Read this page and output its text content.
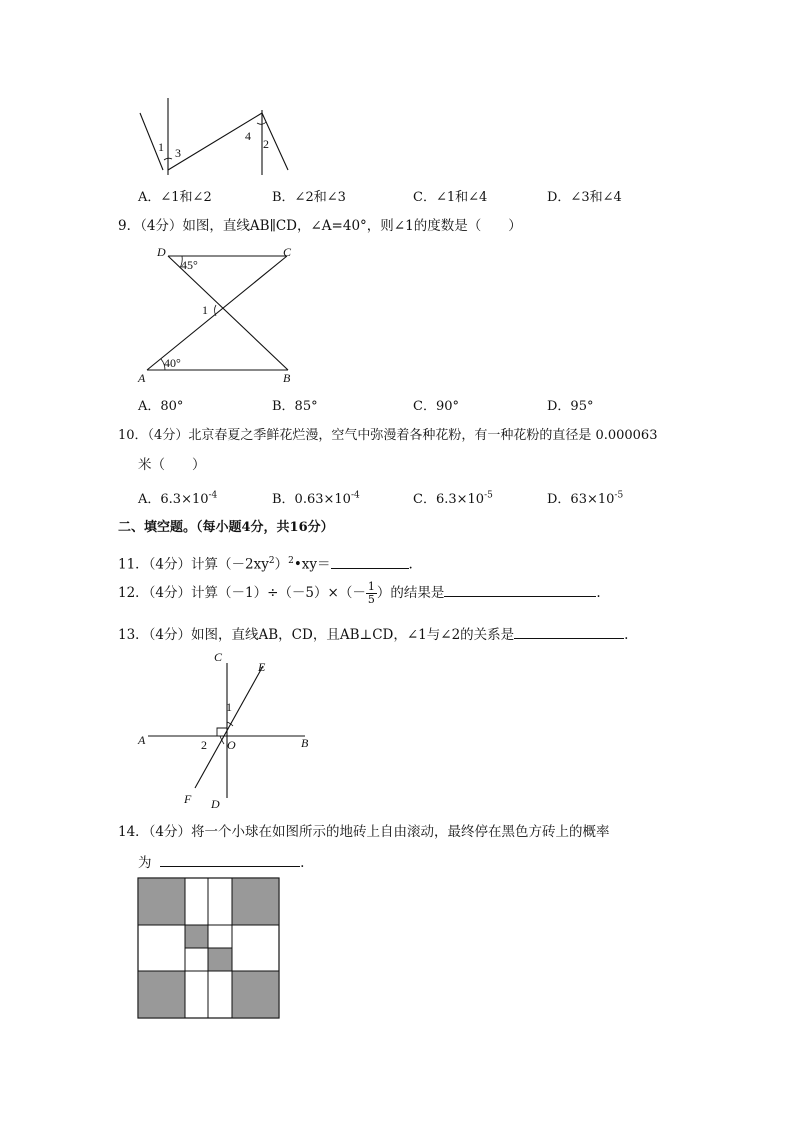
1 3
4
2
A．∠1和∠2	B．∠2和∠3	C．∠1和∠4	D．∠3和∠4
9．（4分）如图，直线AB∥CD，∠A=40°，则∠1的度数是（　　）
D	C
45°
1
40°
A	B
A．80°	B．85°	C．90°	D．95°
10．（4分）北京春夏之季鲜花烂漫，空气中弥漫着各种花粉，有一种花粉的直径是 0.000063
米（　　）
A．$6.3\times 10^{-4}$	B．$0.63\times 10^{-4}$	C．$6.3\times 10^{-5}$	D．$63\times 10^{-5}$
二、填空题。（每小题4分，共16分）
11．（4分）计算$(-2xy^2)^2•xy=$	.
12．（4分）计算$(-1)\div(-5)\times(- \frac{1}{5}$ ）的结果是	.
13．（4分）如图，直线AB，CD，且AB⊥CD，∠1与∠2的关系是	.
C
E
1
A	2 O	B
F D
14．（4分）将一个小球在如图所示的地砖上自由滚动，最终停在黑色方砖上的概率
为	.
